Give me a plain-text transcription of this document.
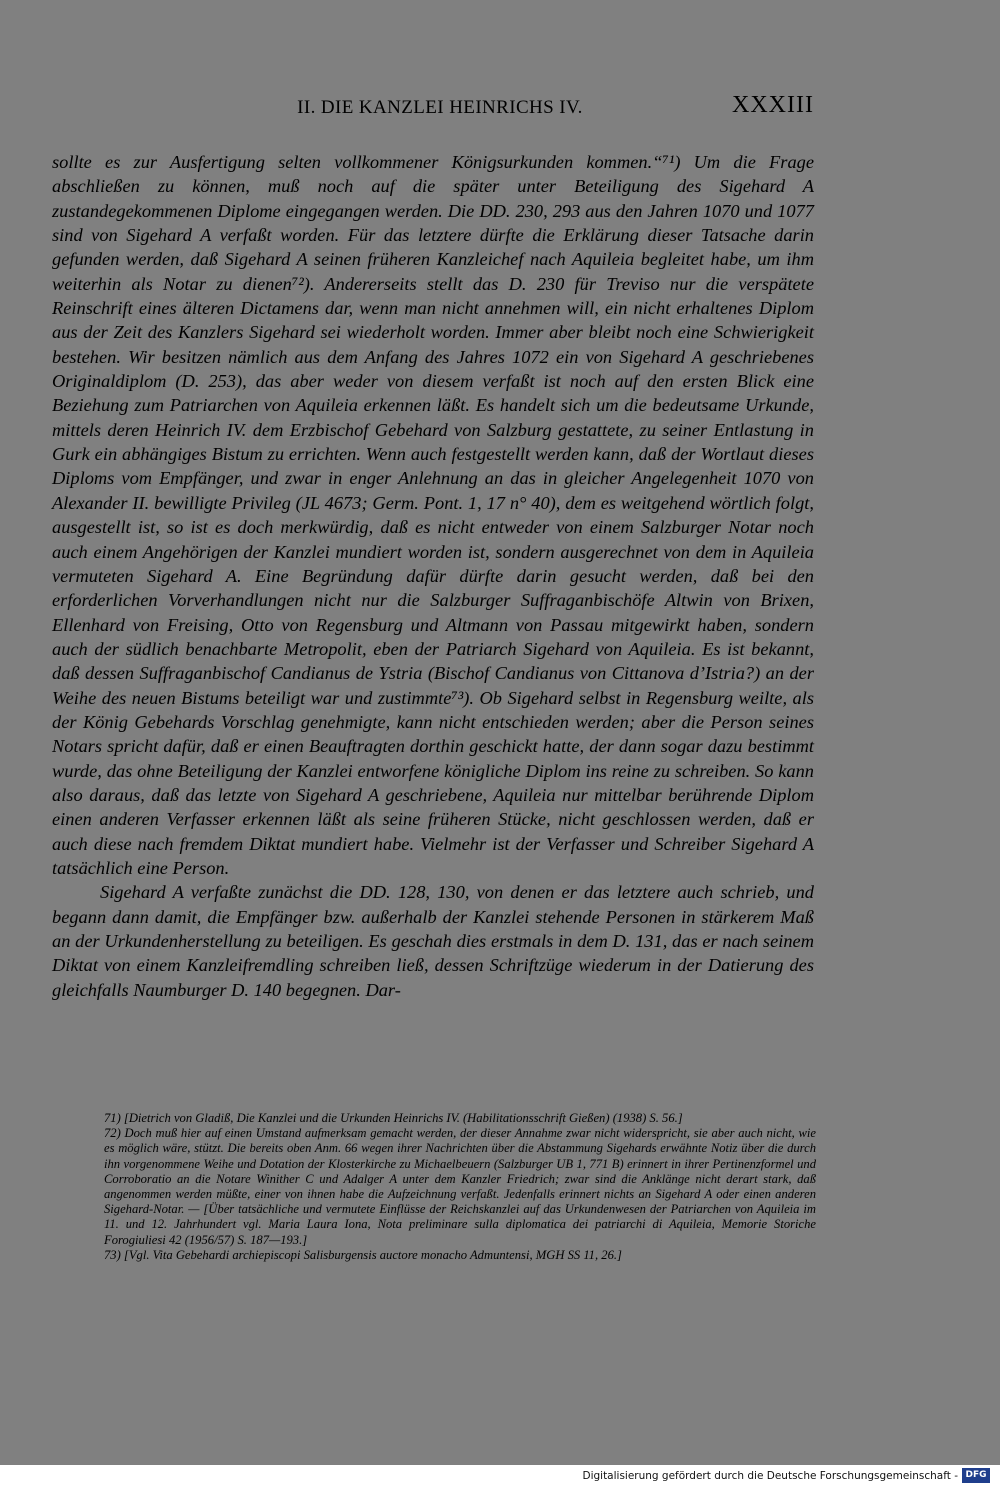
II. DIE KANZLEI HEINRICHS IV.	XXXIII

sollte es zur Ausfertigung selten vollkommener Königsurkunden kommen.“⁷¹) Um die Frage abschließen zu können, muß noch auf die später unter Beteiligung des Sigehard A zustandegekommenen Diplome eingegangen werden. Die DD. 230, 293 aus den Jahren 1070 und 1077 sind von Sigehard A verfaßt worden. Für das letztere dürfte die Erklärung dieser Tatsache darin gefunden werden, daß Sigehard A seinen früheren Kanzleichef nach Aquileia begleitet habe, um ihm weiterhin als Notar zu dienen⁷²). Andererseits stellt das D. 230 für Treviso nur die verspätete Reinschrift eines älteren Dictamens dar, wenn man nicht annehmen will, ein nicht erhaltenes Diplom aus der Zeit des Kanzlers Sigehard sei wiederholt worden. Immer aber bleibt noch eine Schwierigkeit bestehen. Wir besitzen nämlich aus dem Anfang des Jahres 1072 ein von Sigehard A geschriebenes Originaldiplom (D. 253), das aber weder von diesem verfaßt ist noch auf den ersten Blick eine Beziehung zum Patriarchen von Aquileia erkennen läßt. Es handelt sich um die bedeutsame Urkunde, mittels deren Heinrich IV. dem Erzbischof Gebehard von Salzburg gestattete, zu seiner Entlastung in Gurk ein abhängiges Bistum zu errichten. Wenn auch festgestellt werden kann, daß der Wortlaut dieses Diploms vom Empfänger, und zwar in enger Anlehnung an das in gleicher Angelegenheit 1070 von Alexander II. bewilligte Privileg (JL 4673; Germ. Pont. 1, 17 n° 40), dem es weitgehend wörtlich folgt, ausgestellt ist, so ist es doch merkwürdig, daß es nicht entweder von einem Salzburger Notar noch auch einem Angehörigen der Kanzlei mundiert worden ist, sondern ausgerechnet von dem in Aquileia vermuteten Sigehard A. Eine Begründung dafür dürfte darin gesucht werden, daß bei den erforderlichen Vorverhandlungen nicht nur die Salzburger Suffraganbischöfe Altwin von Brixen, Ellenhard von Freising, Otto von Regensburg und Altmann von Passau mitgewirkt haben, sondern auch der südlich benachbarte Metropolit, eben der Patriarch Sigehard von Aquileia. Es ist bekannt, daß dessen Suffraganbischof Candianus de Ystria (Bischof Candianus von Cittanova d’Istria?) an der Weihe des neuen Bistums beteiligt war und zustimmte⁷³). Ob Sigehard selbst in Regensburg weilte, als der König Gebehards Vorschlag genehmigte, kann nicht entschieden werden; aber die Person seines Notars spricht dafür, daß er einen Beauftragten dorthin geschickt hatte, der dann sogar dazu bestimmt wurde, das ohne Beteiligung der Kanzlei entworfene königliche Diplom ins reine zu schreiben. So kann also daraus, daß das letzte von Sigehard A geschriebene, Aquileia nur mittelbar berührende Diplom einen anderen Verfasser erkennen läßt als seine früheren Stücke, nicht geschlossen werden, daß er auch diese nach fremdem Diktat mundiert habe. Vielmehr ist der Verfasser und Schreiber Sigehard A tatsächlich eine Person.

Sigehard A verfaßte zunächst die DD. 128, 130, von denen er das letztere auch schrieb, und begann dann damit, die Empfänger bzw. außerhalb der Kanzlei stehende Personen in stärkerem Maß an der Urkundenherstellung zu beteiligen. Es geschah dies erstmals in dem D. 131, das er nach seinem Diktat von einem Kanzleifremdling schreiben ließ, dessen Schriftzüge wiederum in der Datierung des gleichfalls Naumburger D. 140 begegnen. Dar-

71) [Dietrich von Gladiß, Die Kanzlei und die Urkunden Heinrichs IV. (Habilitationsschrift Gießen) (1938) S. 56.]

72) Doch muß hier auf einen Umstand aufmerksam gemacht werden, der dieser Annahme zwar nicht widerspricht, sie aber auch nicht, wie es möglich wäre, stützt. Die bereits oben Anm. 66 wegen ihrer Nachrichten über die Abstammung Sigehards erwähnte Notiz über die durch ihn vorgenommene Weihe und Dotation der Klosterkirche zu Michaelbeuern (Salzburger UB 1, 771 B) erinnert in ihrer Pertinenzformel und Corroboratio an die Notare Winither C und Adalger A unter dem Kanzler Friedrich; zwar sind die Anklänge nicht derart stark, daß angenommen werden müßte, einer von ihnen habe die Aufzeichnung verfaßt. Jedenfalls erinnert nichts an Sigehard A oder einen anderen Sigehard-Notar. — [Über tatsächliche und vermutete Einflüsse der Reichskanzlei auf das Urkundenwesen der Patriarchen von Aquileia im 11. und 12. Jahrhundert vgl. Maria Laura Iona, Nota preliminare sulla diplomatica dei patriarchi di Aquileia, Memorie Storiche Forogiuliesi 42 (1956/57) S. 187—193.]

73) [Vgl. Vita Gebehardi archiepiscopi Salisburgensis auctore monacho Admuntensi, MGH SS 11, 26.]

Digitalisierung gefördert durch die Deutsche Forschungsgemeinschaft - DFG
